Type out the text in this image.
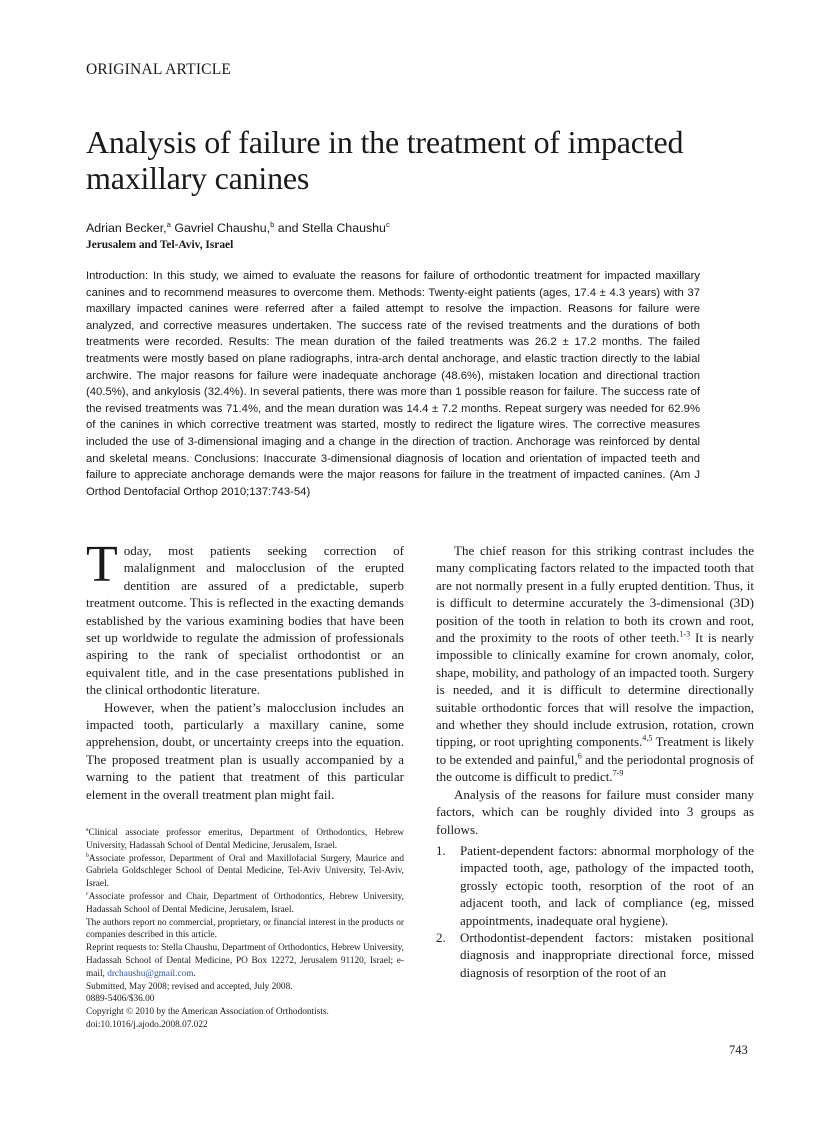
ORIGINAL ARTICLE
Analysis of failure in the treatment of impacted maxillary canines
Adrian Becker,$^a$ Gavriel Chaushu,$^b$ and Stella Chaushu$^c$
Jerusalem and Tel-Aviv, Israel

Introduction: In this study, we aimed to evaluate the reasons for failure of orthodontic treatment for impacted maxillary canines and to recommend measures to overcome them. Methods: Twenty-eight patients (ages, 17.4 ± 4.3 years) with 37 maxillary impacted canines were referred after a failed attempt to resolve the impaction. Reasons for failure were analyzed, and corrective measures undertaken. The success rate of the revised treatments and the durations of both treatments were recorded. Results: The mean duration of the failed treatments was 26.2 ± 17.2 months. The failed treatments were mostly based on plane radiographs, intra-arch dental anchorage, and elastic traction directly to the labial archwire. The major reasons for failure were inadequate anchorage (48.6%), mistaken location and directional traction (40.5%), and ankylosis (32.4%). In several patients, there was more than 1 possible reason for failure. The success rate of the revised treatments was 71.4%, and the mean duration was 14.4 ± 7.2 months. Repeat surgery was needed for 62.9% of the canines in which corrective treatment was started, mostly to redirect the ligature wires. The corrective measures included the use of 3-dimensional imaging and a change in the direction of traction. Anchorage was reinforced by dental and skeletal means. Conclusions: Inaccurate 3-dimensional diagnosis of location and orientation of impacted teeth and failure to appreciate anchorage demands were the major reasons for failure in the treatment of impacted canines. (Am J Orthod Dentofacial Orthop 2010;137:743-54)

Today, most patients seeking correction of malalignment and malocclusion of the erupted dentition are assured of a predictable, superb treatment outcome. This is reflected in the exacting demands established by the various examining bodies that have been set up worldwide to regulate the admission of professionals aspiring to the rank of specialist orthodontist or an equivalent title, and in the case presentations published in the clinical orthodontic literature.

However, when the patient’s malocclusion includes an impacted tooth, particularly a maxillary canine, some apprehension, doubt, or uncertainty creeps into the equation. The proposed treatment plan is usually accompanied by a warning to the patient that treatment of this particular element in the overall treatment plan might fail.

$^a$Clinical associate professor emeritus, Department of Orthodontics, Hebrew University, Hadassah School of Dental Medicine, Jerusalem, Israel.
$^b$Associate professor, Department of Oral and Maxillofacial Surgery, Maurice and Gabriela Goldschleger School of Dental Medicine, Tel-Aviv University, Tel-Aviv, Israel.
$^c$Associate professor and Chair, Department of Orthodontics, Hebrew University, Hadassah School of Dental Medicine, Jerusalem, Israel.
The authors report no commercial, proprietary, or financial interest in the products or companies described in this article.
Reprint requests to: Stella Chaushu, Department of Orthodontics, Hebrew University, Hadassah School of Dental Medicine, PO Box 12272, Jerusalem 91120, Israel; e-mail, drchaushu@gmail.com.
Submitted, May 2008; revised and accepted, July 2008.
0889-5406/$36.00
Copyright © 2010 by the American Association of Orthodontists.
doi:10.1016/j.ajodo.2008.07.022

The chief reason for this striking contrast includes the many complicating factors related to the impacted tooth that are not normally present in a fully erupted dentition. Thus, it is difficult to determine accurately the 3-dimensional (3D) position of the tooth in relation to both its crown and root, and the proximity to the roots of other teeth.$^{1-3}$ It is nearly impossible to clinically examine for crown anomaly, color, shape, mobility, and pathology of an impacted tooth. Surgery is needed, and it is difficult to determine directionally suitable orthodontic forces that will resolve the impaction, and whether they should include extrusion, rotation, crown tipping, or root uprighting components.$^{4,5}$ Treatment is likely to be extended and painful,$^6$ and the periodontal prognosis of the outcome is difficult to predict.$^{7-9}$

Analysis of the reasons for failure must consider many factors, which can be roughly divided into 3 groups as follows.

1. Patient-dependent factors: abnormal morphology of the impacted tooth, age, pathology of the impacted tooth, grossly ectopic tooth, resorption of the root of an adjacent tooth, and lack of compliance (eg, missed appointments, inadequate oral hygiene).
2. Orthodontist-dependent factors: mistaken positional diagnosis and inappropriate directional force, missed diagnosis of resorption of the root of an
743
